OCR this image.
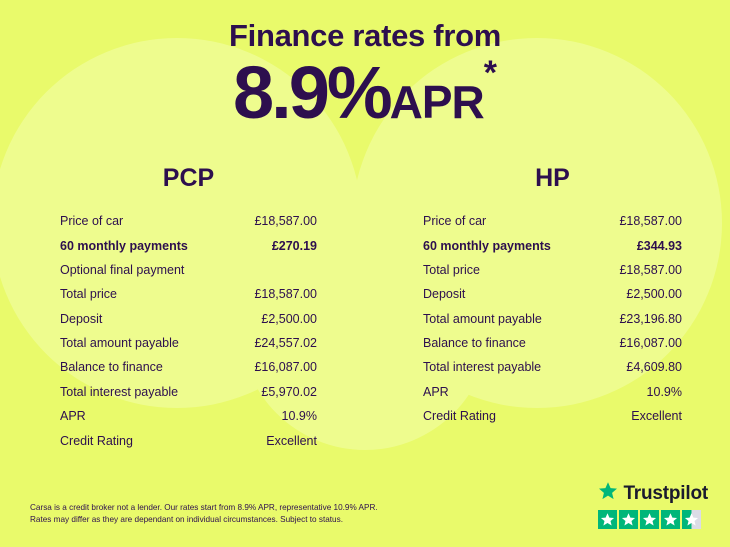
Finance rates from
8.9%APR*
PCP
Price of car	£18,587.00
60 monthly payments	£270.19
Optional final payment
Total price	£18,587.00
Deposit	£2,500.00
Total amount payable	£24,557.02
Balance to finance	£16,087.00
Total interest payable	£5,970.02
APR	10.9%
Credit Rating	Excellent
HP
Price of car	£18,587.00
60 monthly payments	£344.93
Total price	£18,587.00
Deposit	£2,500.00
Total amount payable	£23,196.80
Balance to finance	£16,087.00
Total interest payable	£4,609.80
APR	10.9%
Credit Rating	Excellent
Carsa is a credit broker not a lender. Our rates start from 8.9% APR, representative 10.9% APR.
Rates may differ as they are dependant on individual circumstances. Subject to status.
Trustpilot
